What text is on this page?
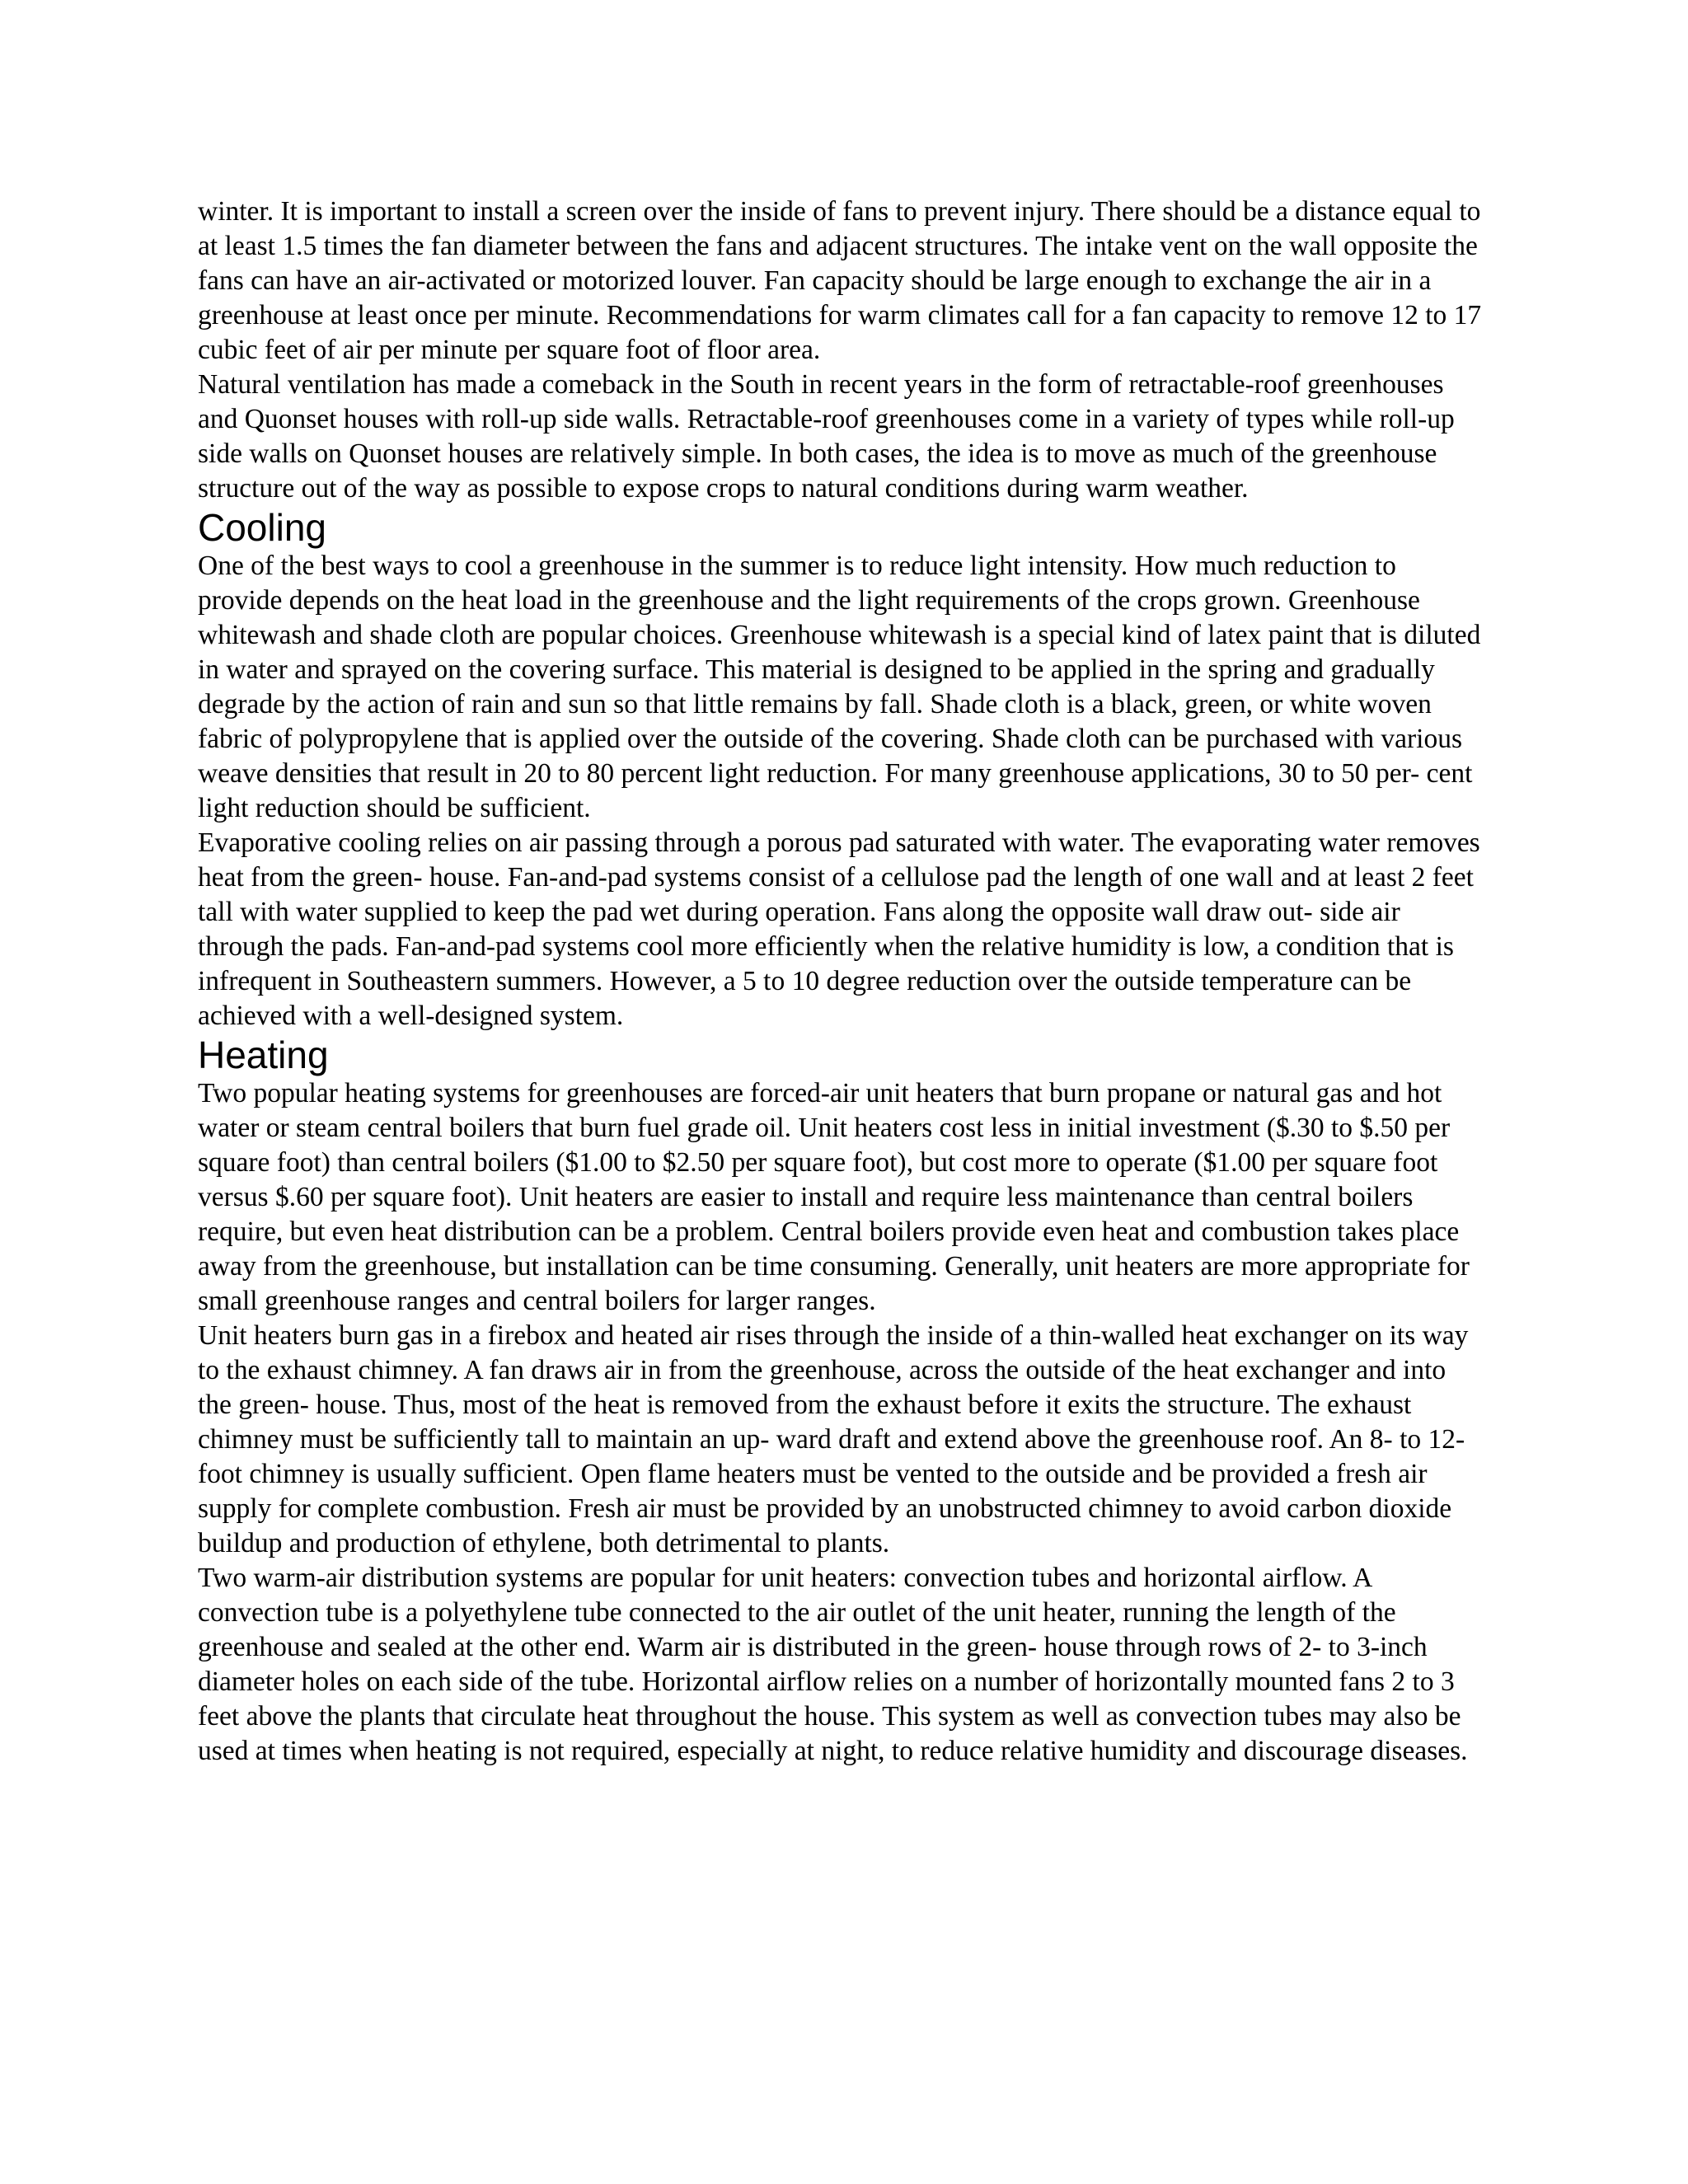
winter. It is important to install a screen over the inside of fans to prevent injury. There should be a distance equal to at least 1.5 times the fan diameter between the fans and adjacent structures. The intake vent on the wall opposite the fans can have an air-activated or motorized louver. Fan capacity should be large enough to exchange the air in a greenhouse at least once per minute. Recommendations for warm climates call for a fan capacity to remove 12 to 17 cubic feet of air per minute per square foot of floor area.

Natural ventilation has made a comeback in the South in recent years in the form of retractable-roof greenhouses and Quonset houses with roll-up side walls. Retractable-roof greenhouses come in a variety of types while roll-up side walls on Quonset houses are relatively simple. In both cases, the idea is to move as much of the greenhouse structure out of the way as possible to expose crops to natural conditions during warm weather.

Cooling

One of the best ways to cool a greenhouse in the summer is to reduce light intensity. How much reduction to provide depends on the heat load in the greenhouse and the light requirements of the crops grown. Greenhouse whitewash and shade cloth are popular choices. Greenhouse whitewash is a special kind of latex paint that is diluted in water and sprayed on the covering surface. This material is designed to be applied in the spring and gradually degrade by the action of rain and sun so that little remains by fall. Shade cloth is a black, green, or white woven fabric of polypropylene that is applied over the outside of the covering. Shade cloth can be purchased with various weave densities that result in 20 to 80 percent light reduction. For many greenhouse applications, 30 to 50 per- cent light reduction should be sufficient.

Evaporative cooling relies on air passing through a porous pad saturated with water. The evaporating water removes heat from the green- house. Fan-and-pad systems consist of a cellulose pad the length of one wall and at least 2 feet tall with water supplied to keep the pad wet during operation. Fans along the opposite wall draw out- side air through the pads. Fan-and-pad systems cool more efficiently when the relative humidity is low, a condition that is infrequent in Southeastern summers. However, a 5 to 10 degree reduction over the outside temperature can be achieved with a well-designed system.

Heating

Two popular heating systems for greenhouses are forced-air unit heaters that burn propane or natural gas and hot water or steam central boilers that burn fuel grade oil. Unit heaters cost less in initial investment ($.30 to $.50 per square foot) than central boilers ($1.00 to $2.50 per square foot), but cost more to operate ($1.00 per square foot versus $.60 per square foot). Unit heaters are easier to install and require less maintenance than central boilers require, but even heat distribution can be a problem. Central boilers provide even heat and combustion takes place away from the greenhouse, but installation can be time consuming. Generally, unit heaters are more appropriate for small greenhouse ranges and central boilers for larger ranges.

Unit heaters burn gas in a firebox and heated air rises through the inside of a thin-walled heat exchanger on its way to the exhaust chimney. A fan draws air in from the greenhouse, across the outside of the heat exchanger and into the green- house. Thus, most of the heat is removed from the exhaust before it exits the structure. The exhaust chimney must be sufficiently tall to maintain an up- ward draft and extend above the greenhouse roof. An 8- to 12-foot chimney is usually sufficient. Open flame heaters must be vented to the outside and be provided a fresh air supply for complete combustion. Fresh air must be provided by an unobstructed chimney to avoid carbon dioxide buildup and production of ethylene, both detrimental to plants.

Two warm-air distribution systems are popular for unit heaters: convection tubes and horizontal airflow. A convection tube is a polyethylene tube connected to the air outlet of the unit heater, running the length of the greenhouse and sealed at the other end. Warm air is distributed in the green- house through rows of 2- to 3-inch diameter holes on each side of the tube. Horizontal airflow relies on a number of horizontally mounted fans 2 to 3 feet above the plants that circulate heat throughout the house. This system as well as convection tubes may also be used at times when heating is not required, especially at night, to reduce relative humidity and discourage diseases.
